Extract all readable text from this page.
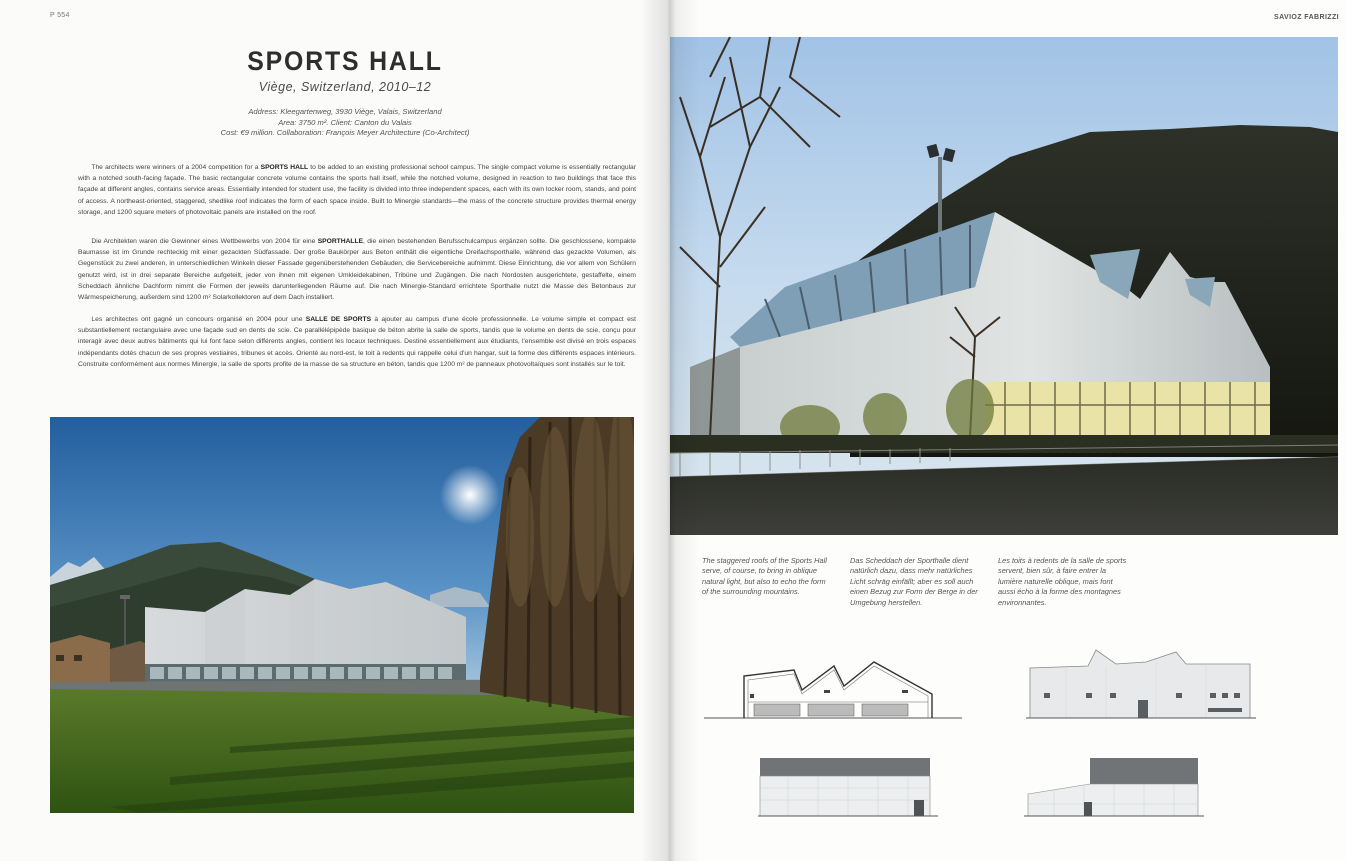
P 554
SPORTS HALL
Viège, Switzerland, 2010–12
Address: Kleegartenweg, 3930 Viège, Valais, Switzerland
Area: 3750 m². Client: Canton du Valais
Cost: €9 million. Collaboration: François Meyer Architecture (Co-Architect)

  The architects were winners of a 2004 competition for a SPORTS HALL to be added to an existing professional school campus. The single compact volume is essentially rectangular with a notched south-facing façade. The basic rectangular concrete volume contains the sports hall itself, while the notched volume, designed in reaction to two buildings that face this façade at different angles, contains service areas. Essentially intended for student use, the facility is divided into three independent spaces, each with its own locker room, stands, and point of access. A northeast-oriented, staggered, shedlike roof indicates the form of each space inside. Built to Minergie standards—the mass of the concrete structure provides thermal energy storage, and 1200 square meters of photovoltaic panels are installed on the roof.

  Die Architekten waren die Gewinner eines Wettbewerbs von 2004 für eine SPORTHALLE, die einen bestehenden Berufsschulcampus ergänzen sollte. Die geschlossene, kompakte Baumasse ist im Grunde rechteckig mit einer gezackten Südfassade. Der große Baukörper aus Beton enthält die eigentliche Dreifachsporthalle, während das gezackte Volumen, als Gegenstück zu zwei anderen, in unterschiedlichen Winkeln dieser Fassade gegenüberstehenden Gebäuden, die Servicebereiche aufnimmt. Diese Einrichtung, die vor allem von Schülern genutzt wird, ist in drei separate Bereiche aufgeteilt, jeder von ihnen mit eigenen Umkleidekabinen, Tribüne und Zugängen. Die nach Nordosten ausgerichtete, gestaffelte, einem Scheddach ähnliche Dachform nimmt die Formen der jeweils darunterliegenden Räume auf. Die nach Minergie-Standard errichtete Sporthalle nutzt die Masse des Betonbaus zur Wärmespeicherung, außerdem sind 1200 m² Solarkollektoren auf dem Dach installiert.

  Les architectes ont gagné un concours organisé en 2004 pour une SALLE DE SPORTS à ajouter au campus d'une école professionnelle. Le volume simple et compact est substantiellement rectangulaire avec une façade sud en dents de scie. Ce parallélépipède basique de béton abrite la salle de sports, tandis que le volume en dents de scie, conçu pour interagir avec deux autres bâtiments qui lui font face selon différents angles, contient les locaux techniques. Destiné essentiellement aux étudiants, l'ensemble est divisé en trois espaces indépendants dotés chacun de ses propres vestiaires, tribunes et accès. Orienté au nord-est, le toit à redents qui rappelle celui d'un hangar, suit la forme des différents espaces intérieurs. Construite conformément aux normes Minergie, la salle de sports profite de la masse de sa structure en béton, tandis que 1200 m² de panneaux photovoltaïques sont installés sur le toit.

SAVIOZ FABRIZZI
The staggered roofs of the Sports Hall serve, of course, to bring in oblique natural light, but also to echo the form of the surrounding mountains.
Das Scheddach der Sporthalle dient natürlich dazu, dass mehr natürliches Licht schräg einfällt; aber es soll auch einen Bezug zur Form der Berge in der Umgebung herstellen.
Les toits à redents de la salle de sports servent, bien sûr, à faire entrer la lumière naturelle oblique, mais font aussi écho à la forme des montagnes environnantes.
